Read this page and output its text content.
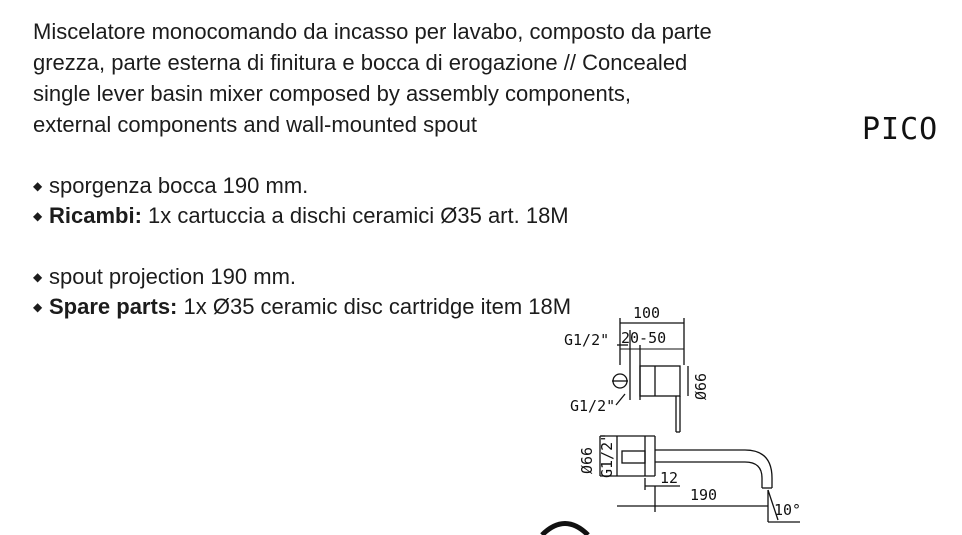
Miscelatore monocomando da incasso per lavabo, composto da parte

grezza, parte esterna di finitura e bocca di erogazione // Concealed

single lever basin mixer composed by assembly components,

external components and wall-mounted spout	PICO
◆ sporgenza bocca 190 mm.
◆ Ricambi: 1x cartuccia a dischi ceramici Ø35 art. 18M
◆ spout projection 190 mm.
◆ Spare parts: 1x Ø35 ceramic disc cartridge item 18M	100
G1/2" 20-50
Ø66
G1/2"
Ø66 G1/2"	12
190
10°
